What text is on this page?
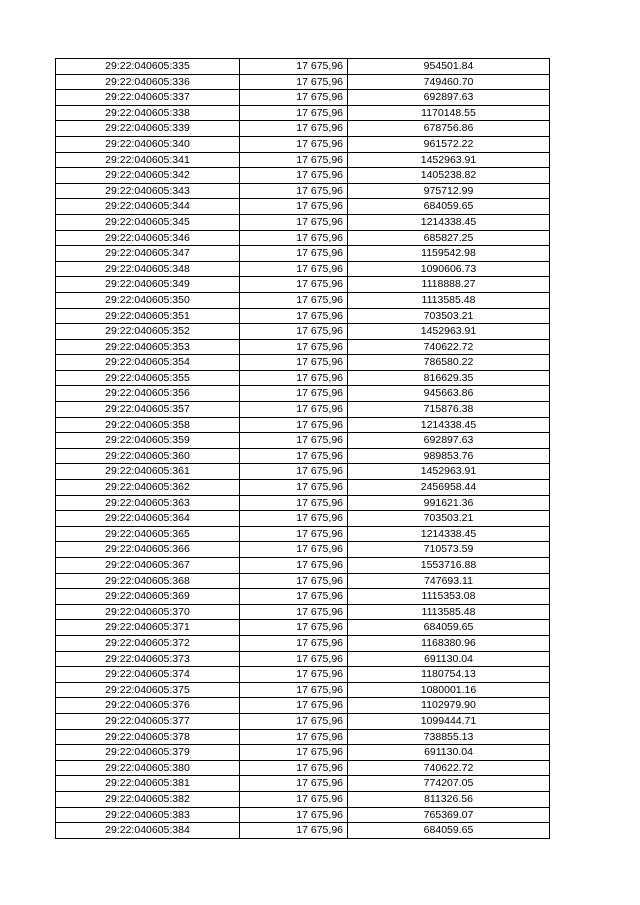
29:22:040605:335	17 675,96	954501.84
29:22:040605:336	17 675,96	749460.70
29:22:040605:337	17 675,96	692897.63
29:22:040605:338	17 675,96	1170148.55
29:22:040605:339	17 675,96	678756.86
29:22:040605:340	17 675,96	961572.22
29:22:040605:341	17 675,96	1452963.91
29:22:040605:342	17 675,96	1405238.82
29:22:040605:343	17 675,96	975712.99
29:22:040605:344	17 675,96	684059.65
29:22:040605:345	17 675,96	1214338.45
29:22:040605:346	17 675,96	685827.25
29:22:040605:347	17 675,96	1159542.98
29:22:040605:348	17 675,96	1090606.73
29:22:040605:349	17 675,96	1118888.27
29:22:040605:350	17 675,96	1113585.48
29:22:040605:351	17 675,96	703503.21
29:22:040605:352	17 675,96	1452963.91
29:22:040605:353	17 675,96	740622.72
29:22:040605:354	17 675,96	786580.22
29:22:040605:355	17 675,96	816629.35
29:22:040605:356	17 675,96	945663.86
29:22:040605:357	17 675,96	715876.38
29:22:040605:358	17 675,96	1214338.45
29:22:040605:359	17 675,96	692897.63
29:22:040605:360	17 675,96	989853.76
29:22:040605:361	17 675,96	1452963.91
29:22:040605:362	17 675,96	2456958.44
29:22:040605:363	17 675,96	991621.36
29:22:040605:364	17 675,96	703503.21
29:22:040605:365	17 675,96	1214338.45
29:22:040605:366	17 675,96	710573.59
29:22:040605:367	17 675,96	1553716.88
29:22:040605:368	17 675,96	747693.11
29:22:040605:369	17 675,96	1115353.08
29:22:040605:370	17 675,96	1113585.48
29:22:040605:371	17 675,96	684059.65
29:22:040605:372	17 675,96	1168380.96
29:22:040605:373	17 675,96	691130.04
29:22:040605:374	17 675,96	1180754.13
29:22:040605:375	17 675,96	1080001.16
29:22:040605:376	17 675,96	1102979.90
29:22:040605:377	17 675,96	1099444.71
29:22:040605:378	17 675,96	738855.13
29:22:040605:379	17 675,96	691130.04
29:22:040605:380	17 675,96	740622.72
29:22:040605:381	17 675,96	774207.05
29:22:040605:382	17 675,96	811326.56
29:22:040605:383	17 675,96	765369.07
29:22:040605:384	17 675,96	684059.65
